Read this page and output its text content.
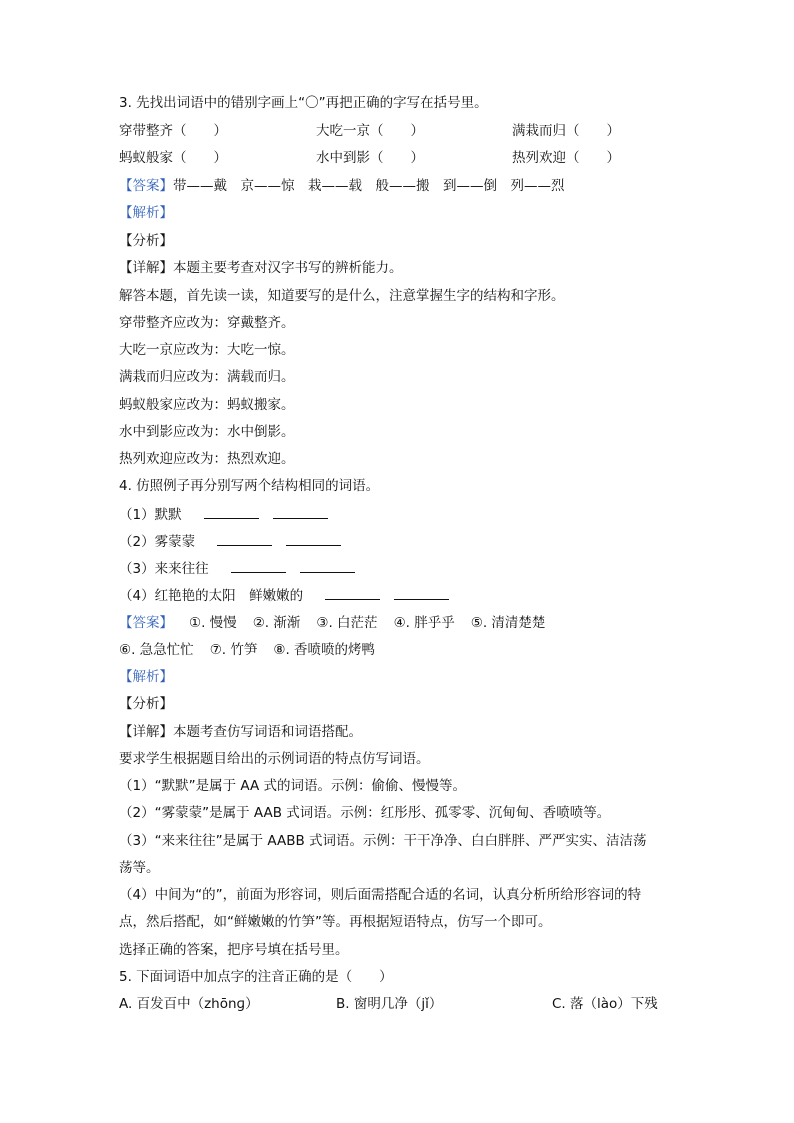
3. 先找出词语中的错别字画上“〇”再把正确的字写在括号里。
穿带整齐（　　）	大吃一京（　　）	满栽而归（　　）
蚂蚁般家（　　）	水中到影（　　）	热列欢迎（　　）
【答案】带——戴　京——惊　栽——载　般——搬　到——倒　列——烈
【解析】
【分析】
【详解】本题主要考查对汉字书写的辨析能力。
解答本题，首先读一读，知道要写的是什么，注意掌握生字的结构和字形。
穿带整齐应改为：穿戴整齐。
大吃一京应改为：大吃一惊。
满栽而归应改为：满载而归。
蚂蚁般家应改为：蚂蚁搬家。
水中到影应改为：水中倒影。
热列欢迎应改为：热烈欢迎。
4. 仿照例子再分别写两个结构相同的词语。
（1）默默
（2）雾蒙蒙
（3）来来往往
（4）红艳艳的太阳　鲜嫩嫩的
【答案】 ①. 慢慢 ②. 渐渐 ③. 白茫茫 ④. 胖乎乎 ⑤. 清清楚楚
⑥. 急急忙忙 ⑦. 竹笋 ⑧. 香喷喷的烤鸭
【解析】
【分析】
【详解】本题考查仿写词语和词语搭配。
要求学生根据题目给出的示例词语的特点仿写词语。
（1）“默默”是属于 AA 式的词语。示例：偷偷、慢慢等。
（2）“雾蒙蒙”是属于 AAB 式词语。示例：红彤彤、孤零零、沉甸甸、香喷喷等。
（3）“来来往往”是属于 AABB 式词语。示例：干干净净、白白胖胖、严严实实、洁洁荡
荡等。
（4）中间为“的”，前面为形容词，则后面需搭配合适的名词，认真分析所给形容词的特
点，然后搭配，如“鲜嫩嫩的竹笋”等。再根据短语特点，仿写一个即可。
选择正确的答案，把序号填在括号里。
5. 下面词语中加点字的注音正确的是（　　）
A. 百发百中（zhōnɡ）	B. 窗明几净（jǐ）	C. 落（lào）下残
